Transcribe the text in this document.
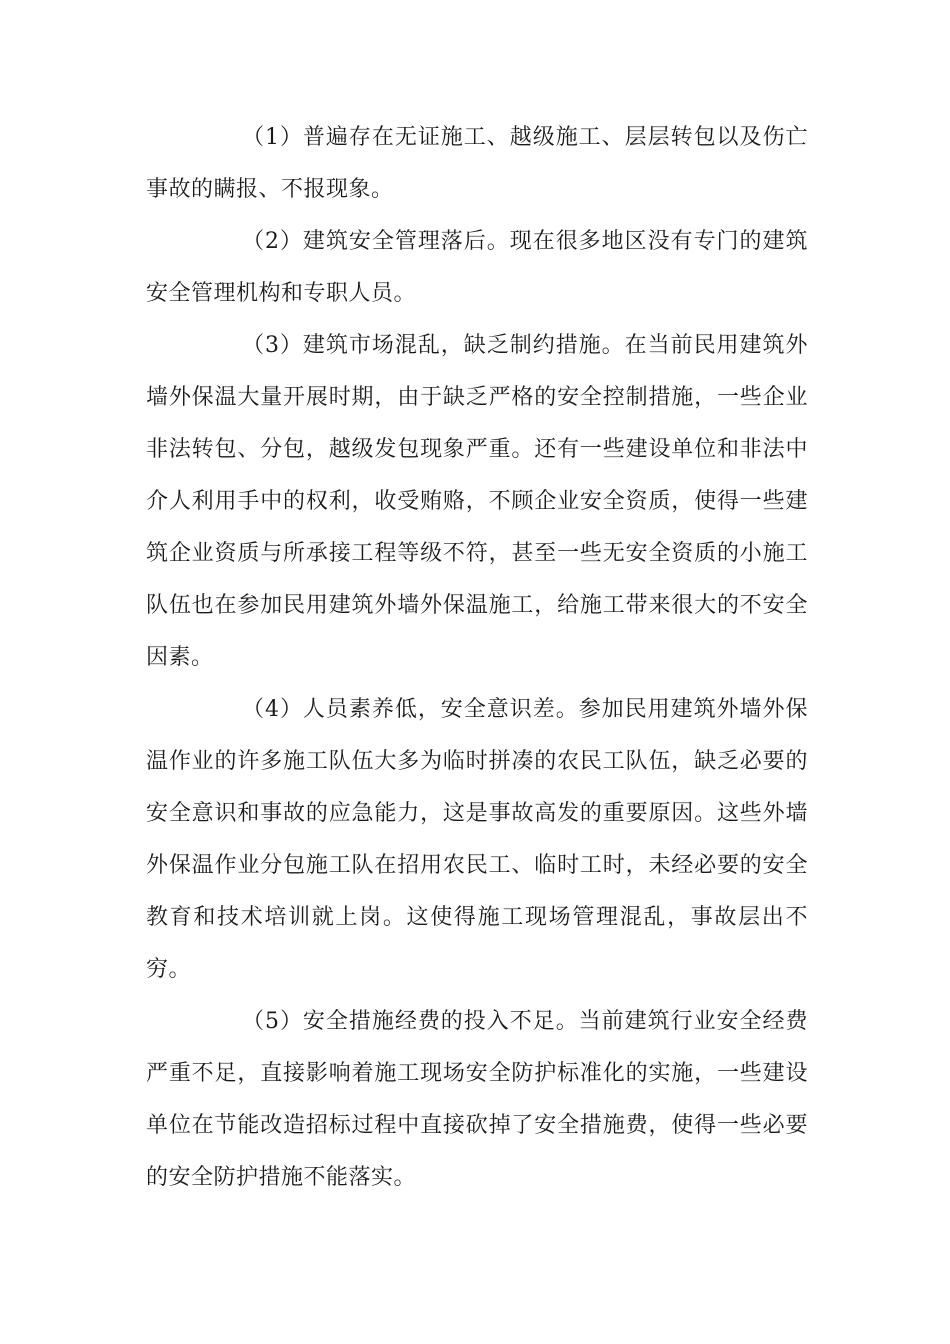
（1）普遍存在无证施工、越级施工、层层转包以及伤亡事故的瞒报、不报现象。

（2）建筑安全管理落后。现在很多地区没有专门的建筑安全管理机构和专职人员。

（3）建筑市场混乱，缺乏制约措施。在当前民用建筑外墙外保温大量开展时期，由于缺乏严格的安全控制措施，一些企业非法转包、分包，越级发包现象严重。还有一些建设单位和非法中介人利用手中的权利，收受贿赂，不顾企业安全资质，使得一些建筑企业资质与所承接工程等级不符，甚至一些无安全资质的小施工队伍也在参加民用建筑外墙外保温施工，给施工带来很大的不安全因素。

（4）人员素养低，安全意识差。参加民用建筑外墙外保温作业的许多施工队伍大多为临时拼凑的农民工队伍，缺乏必要的安全意识和事故的应急能力，这是事故高发的重要原因。这些外墙外保温作业分包施工队在招用农民工、临时工时，未经必要的安全教育和技术培训就上岗。这使得施工现场管理混乱，事故层出不穷。

（5）安全措施经费的投入不足。当前建筑行业安全经费严重不足，直接影响着施工现场安全防护标准化的实施，一些建设单位在节能改造招标过程中直接砍掉了安全措施费，使得一些必要的安全防护措施不能落实。
